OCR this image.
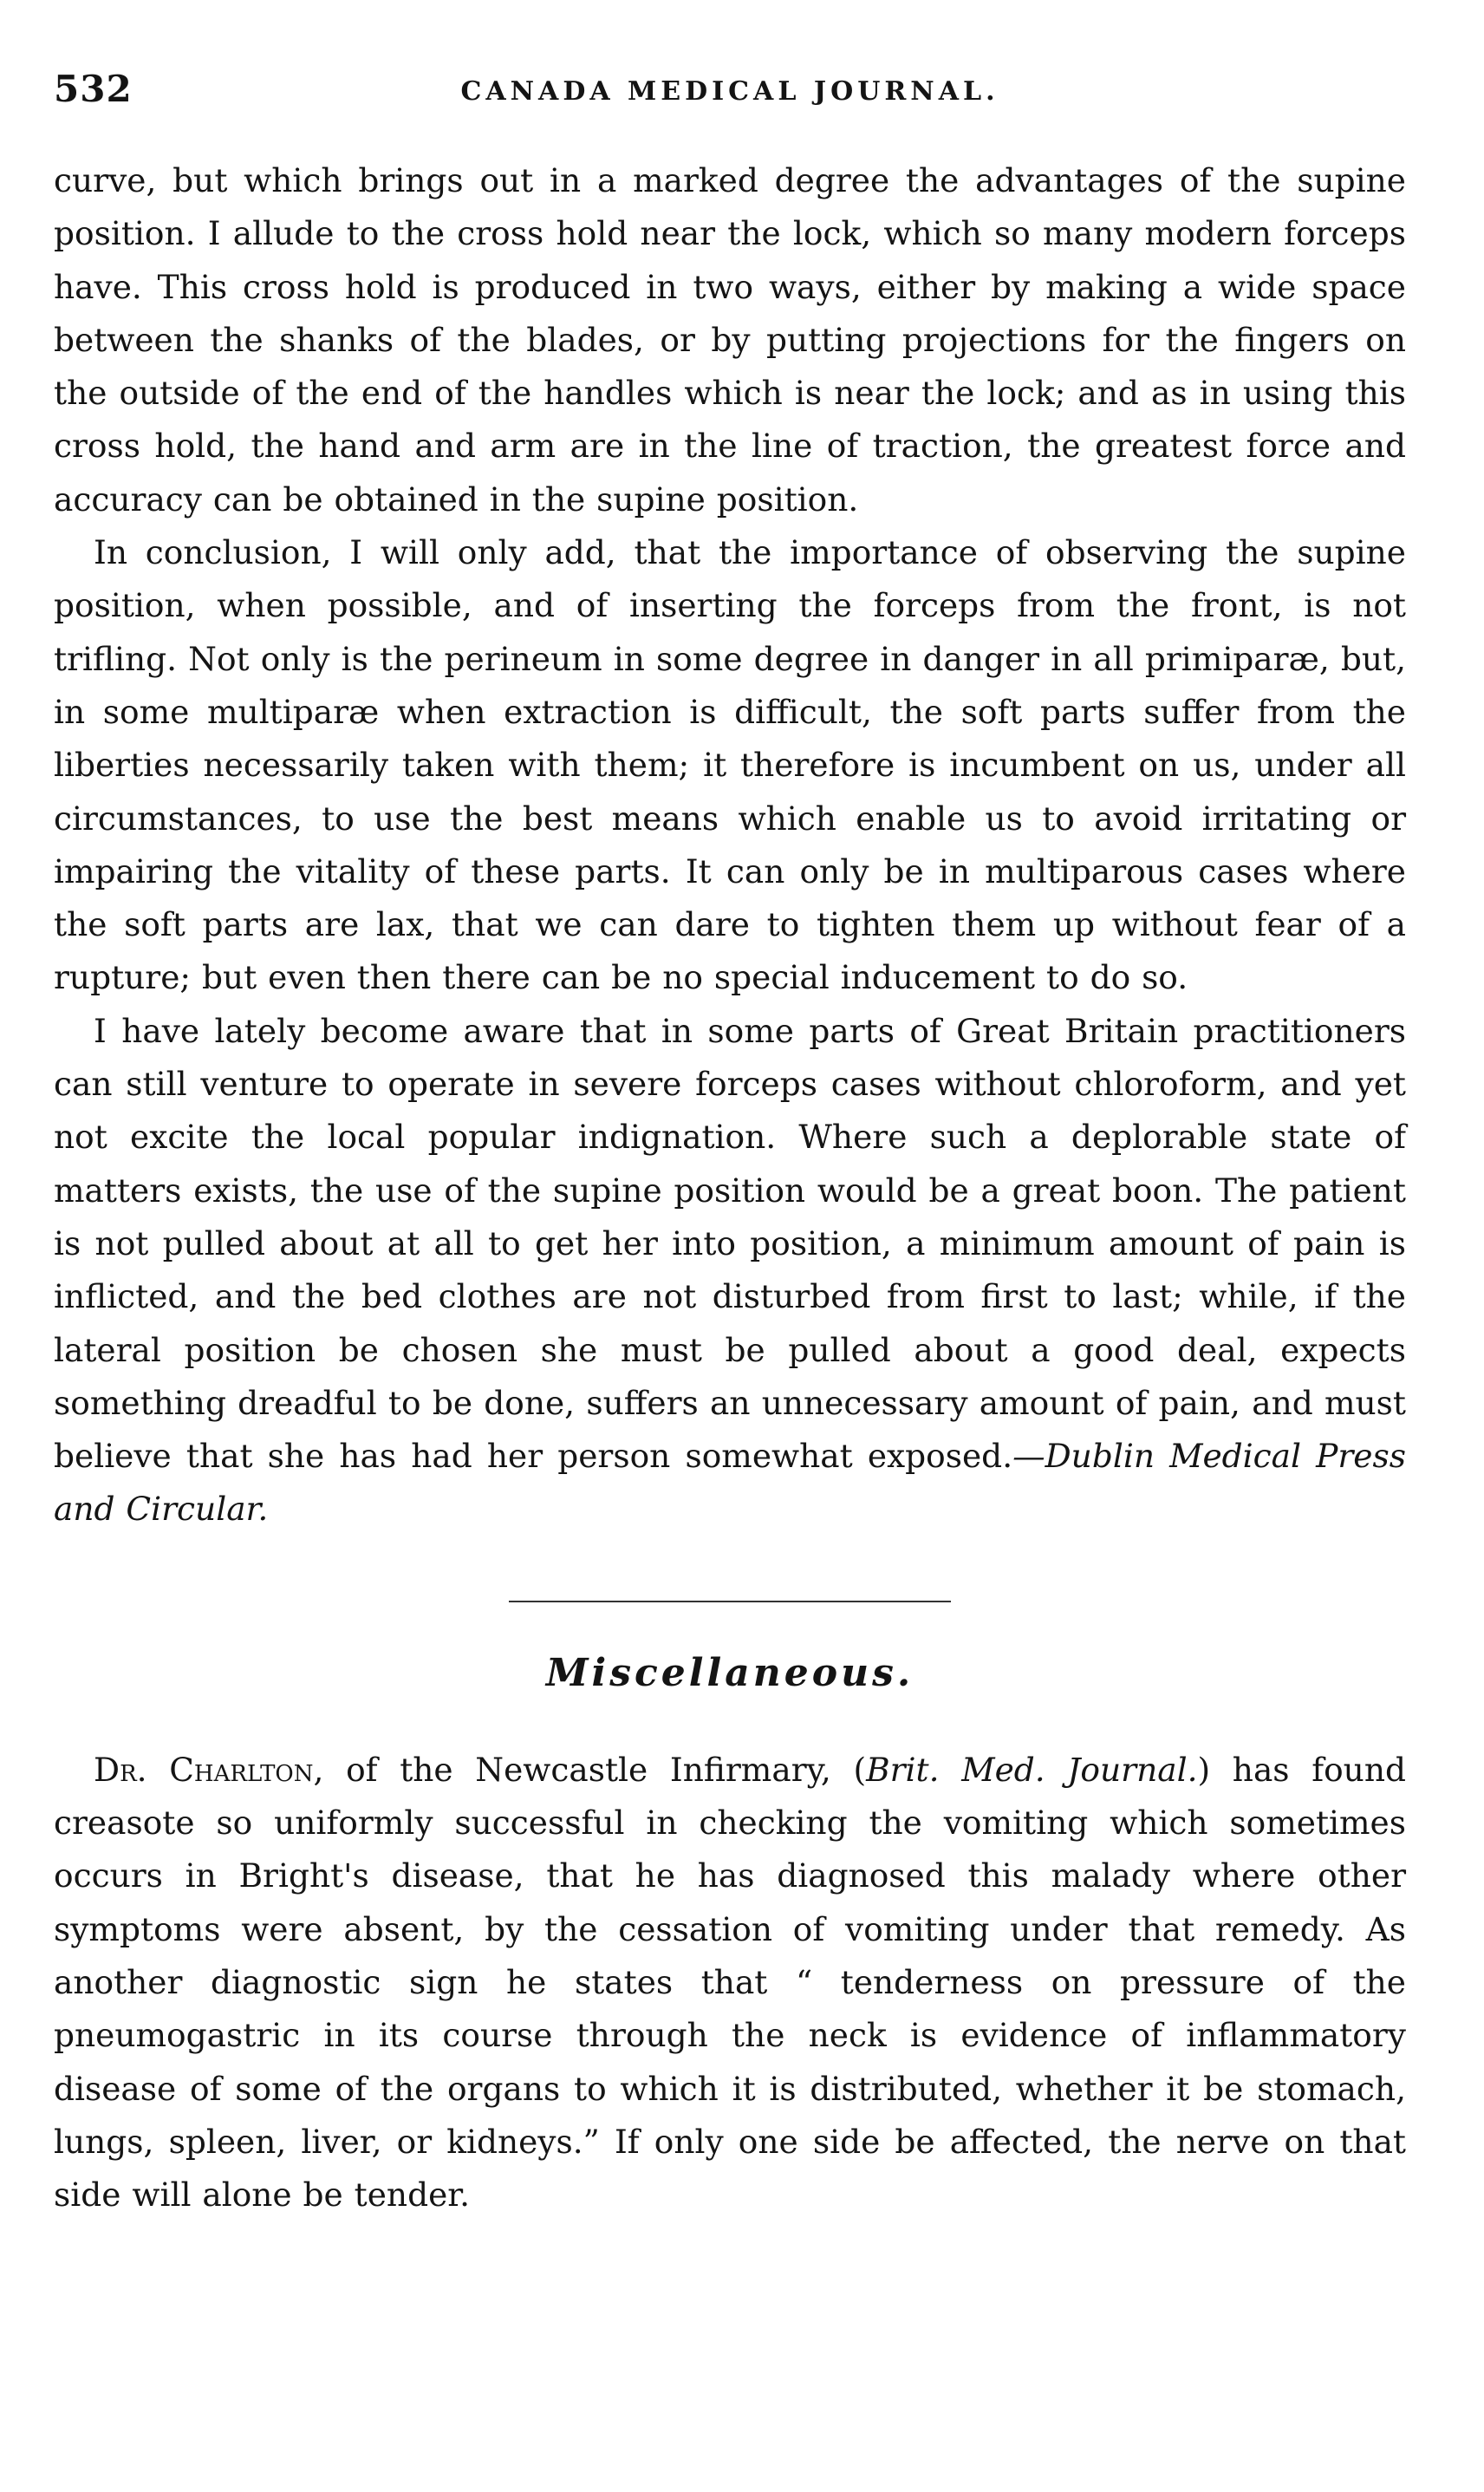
532	CANADA MEDICAL JOURNAL.

curve, but which brings out in a marked degree the advantages of the supine position. I allude to the cross hold near the lock, which so many modern forceps have. This cross hold is produced in two ways, either by making a wide space between the shanks of the blades, or by putting projections for the fingers on the outside of the end of the handles which is near the lock; and as in using this cross hold, the hand and arm are in the line of traction, the greatest force and accuracy can be obtained in the supine position.

In conclusion, I will only add, that the importance of observing the supine position, when possible, and of inserting the forceps from the front, is not trifling. Not only is the perineum in some degree in danger in all primiparæ, but, in some multiparæ when extraction is difficult, the soft parts suffer from the liberties necessarily taken with them; it therefore is incumbent on us, under all circumstances, to use the best means which enable us to avoid irritating or impairing the vitality of these parts. It can only be in multiparous cases where the soft parts are lax, that we can dare to tighten them up without fear of a rupture; but even then there can be no special inducement to do so.

I have lately become aware that in some parts of Great Britain practitioners can still venture to operate in severe forceps cases without chloroform, and yet not excite the local popular indignation. Where such a deplorable state of matters exists, the use of the supine position would be a great boon. The patient is not pulled about at all to get her into position, a minimum amount of pain is inflicted, and the bed clothes are not disturbed from first to last; while, if the lateral position be chosen she must be pulled about a good deal, expects something dreadful to be done, suffers an unnecessary amount of pain, and must believe that she has had her person somewhat exposed.—Dublin Medical Press and Circular.

Miscellaneous.

Dr. Charlton, of the Newcastle Infirmary, (Brit. Med. Journal.) has found creasote so uniformly successful in checking the vomiting which sometimes occurs in Bright's disease, that he has diagnosed this malady where other symptoms were absent, by the cessation of vomiting under that remedy. As another diagnostic sign he states that “ tenderness on pressure of the pneumogastric in its course through the neck is evidence of inflammatory disease of some of the organs to which it is distributed, whether it be stomach, lungs, spleen, liver, or kidneys.” If only one side be affected, the nerve on that side will alone be tender.
